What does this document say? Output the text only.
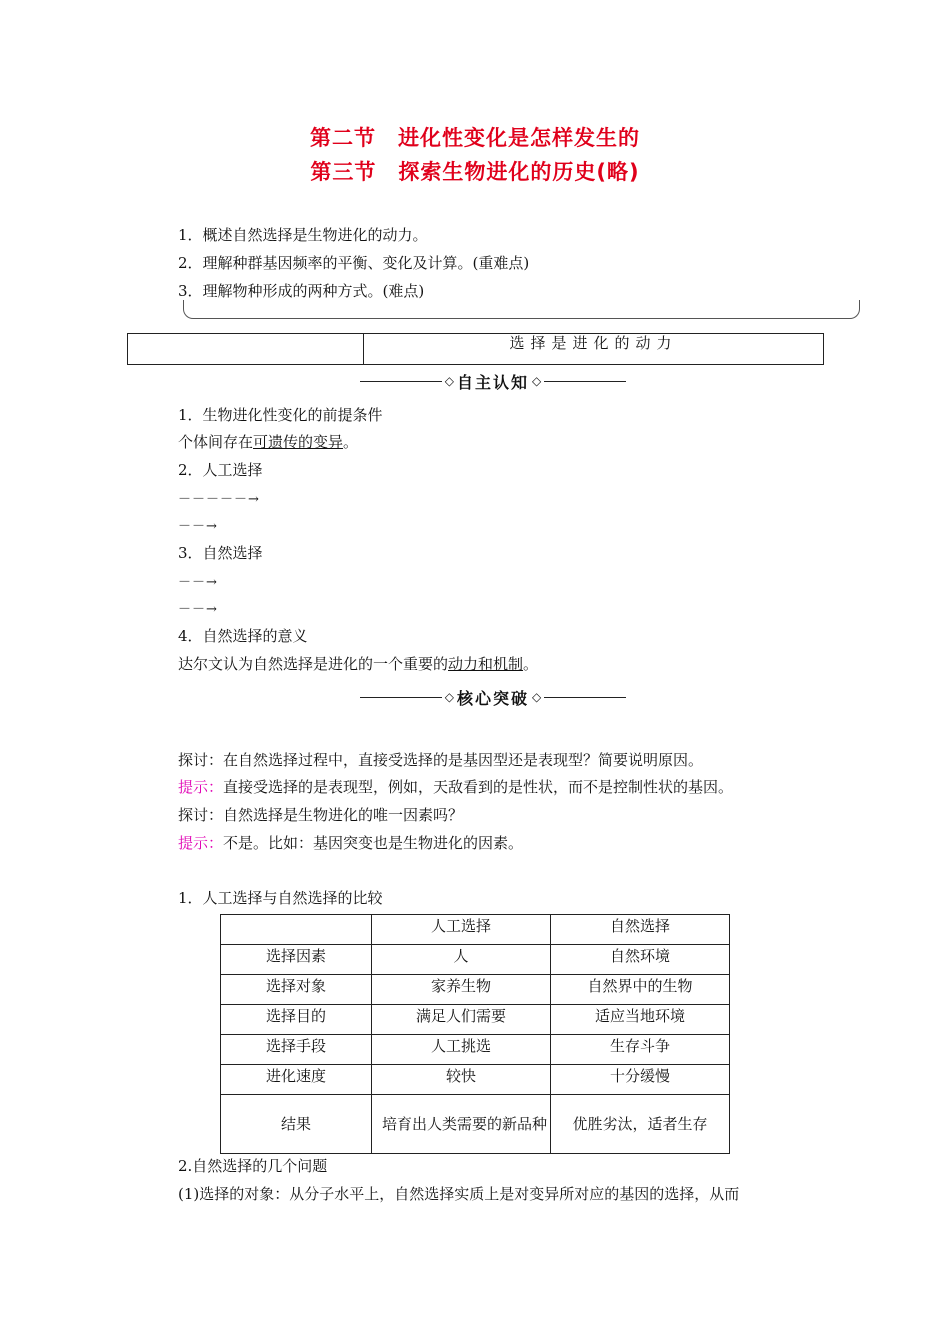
第二节　进化性变化是怎样发生的
第三节　探索生物进化的历史(略)
1．概述自然选择是生物进化的动力。
2．理解种群基因频率的平衡、变化及计算。(重难点)
3．理解物种形成的两种方式。(难点)
选择是进化的动力
◇ 自主认知 ◇
1．生物进化性变化的前提条件
个体间存在可遗传的变异。
2．人工选择
－－－－－→
－－→
3．自然选择
－－→
－－→
4．自然选择的意义
达尔文认为自然选择是进化的一个重要的动力和机制。
◇ 核心突破 ◇
探讨：在自然选择过程中，直接受选择的是基因型还是表现型？简要说明原因。
提示：直接受选择的是表现型，例如，天敌看到的是性状，而不是控制性状的基因。
探讨：自然选择是生物进化的唯一因素吗？
提示：不是。比如：基因突变也是生物进化的因素。
1．人工选择与自然选择的比较
	人工选择	自然选择
选择因素	人	自然环境
选择对象	家养生物	自然界中的生物
选择目的	满足人们需要	适应当地环境
选择手段	人工挑选	生存斗争
进化速度	较快	十分缓慢
结果	培育出人类需要的新品种	优胜劣汰，适者生存
2.自然选择的几个问题
(1)选择的对象：从分子水平上，自然选择实质上是对变异所对应的基因的选择，从而
